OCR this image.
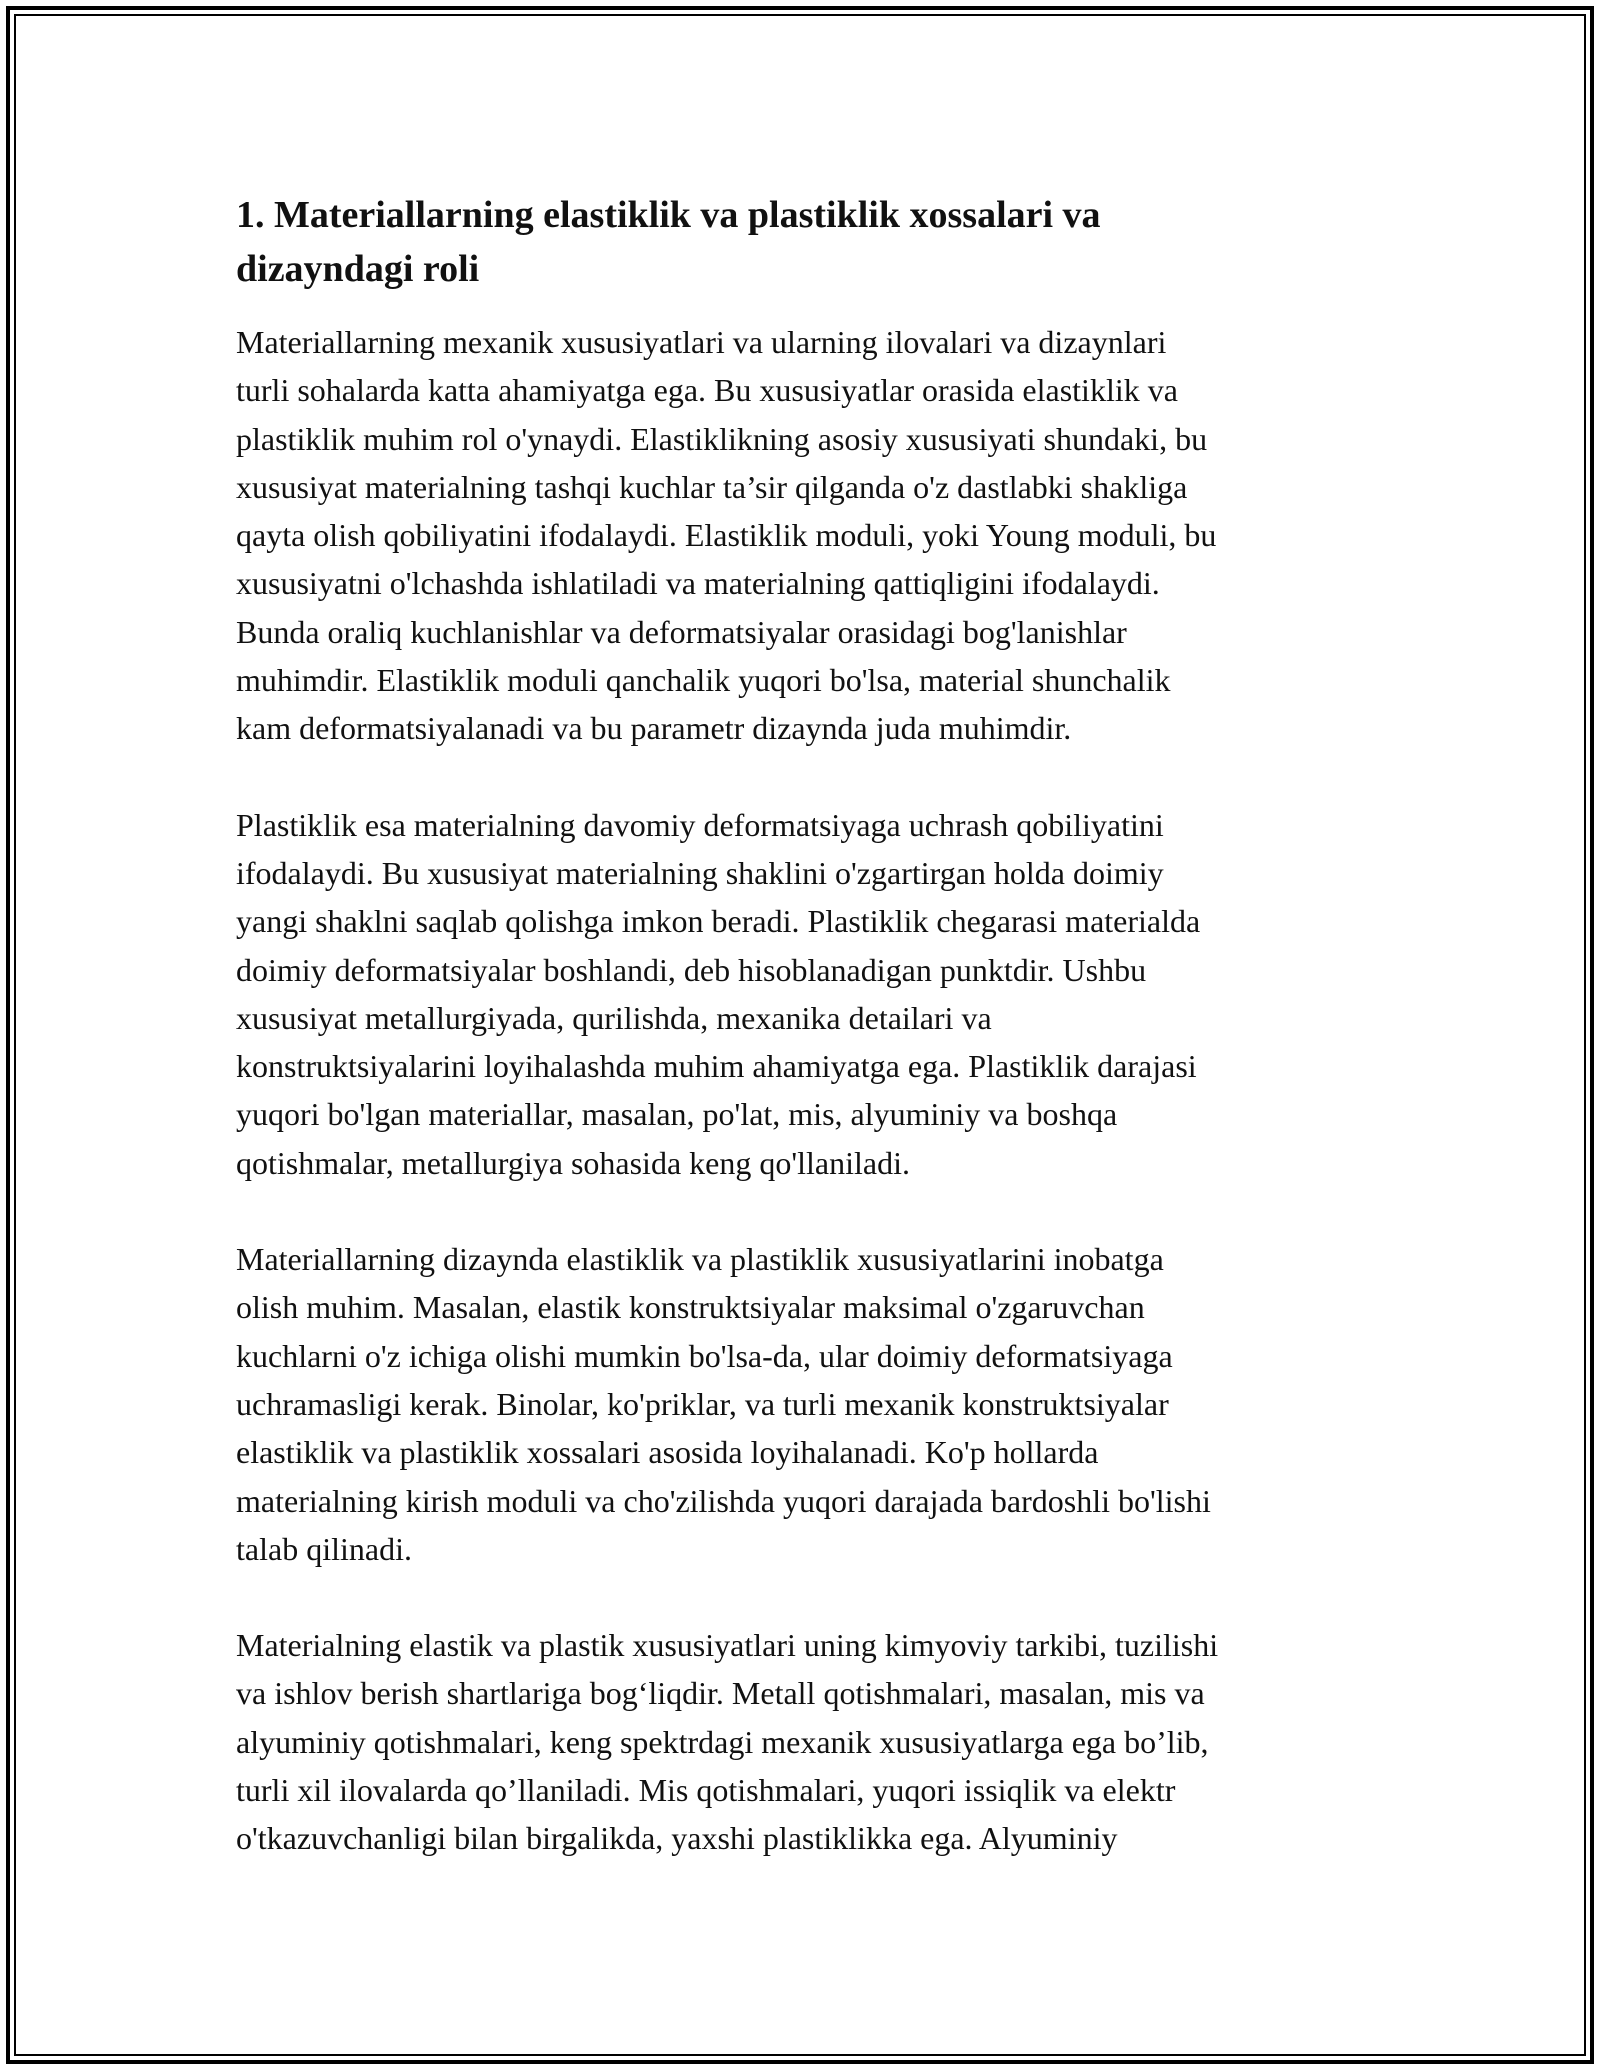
1. Materiallarning elastiklik va plastiklik xossalari va dizayndagi roli

Materiallarning mexanik xususiyatlari va ularning ilovalari va dizaynlari
turli sohalarda katta ahamiyatga ega. Bu xususiyatlar orasida elastiklik va
plastiklik muhim rol o'ynaydi. Elastiklikning asosiy xususiyati shundaki, bu
xususiyat materialning tashqi kuchlar ta’sir qilganda o'z dastlabki shakliga
qayta olish qobiliyatini ifodalaydi. Elastiklik moduli, yoki Young moduli, bu
xususiyatni o'lchashda ishlatiladi va materialning qattiqligini ifodalaydi.
Bunda oraliq kuchlanishlar va deformatsiyalar orasidagi bog'lanishlar
muhimdir. Elastiklik moduli qanchalik yuqori bo'lsa, material shunchalik
kam deformatsiyalanadi va bu parametr dizaynda juda muhimdir.

Plastiklik esa materialning davomiy deformatsiyaga uchrash qobiliyatini
ifodalaydi. Bu xususiyat materialning shaklini o'zgartirgan holda doimiy
yangi shaklni saqlab qolishga imkon beradi. Plastiklik chegarasi materialda
doimiy deformatsiyalar boshlandi, deb hisoblanadigan punktdir. Ushbu
xususiyat metallurgiyada, qurilishda, mexanika detailari va
konstruktsiyalarini loyihalashda muhim ahamiyatga ega. Plastiklik darajasi
yuqori bo'lgan materiallar, masalan, po'lat, mis, alyuminiy va boshqa
qotishmalar, metallurgiya sohasida keng qo'llaniladi.

Materiallarning dizaynda elastiklik va plastiklik xususiyatlarini inobatga
olish muhim. Masalan, elastik konstruktsiyalar maksimal o'zgaruvchan
kuchlarni o'z ichiga olishi mumkin bo'lsa-da, ular doimiy deformatsiyaga
uchramasligi kerak. Binolar, ko'priklar, va turli mexanik konstruktsiyalar
elastiklik va plastiklik xossalari asosida loyihalanadi. Ko'p hollarda
materialning kirish moduli va cho'zilishda yuqori darajada bardoshli bo'lishi
talab qilinadi.

Materialning elastik va plastik xususiyatlari uning kimyoviy tarkibi, tuzilishi
va ishlov berish shartlariga bog‘liqdir. Metall qotishmalari, masalan, mis va
alyuminiy qotishmalari, keng spektrdagi mexanik xususiyatlarga ega bo’lib,
turli xil ilovalarda qo’llaniladi. Mis qotishmalari, yuqori issiqlik va elektr
o'tkazuvchanligi bilan birgalikda, yaxshi plastiklikka ega. Alyuminiy
